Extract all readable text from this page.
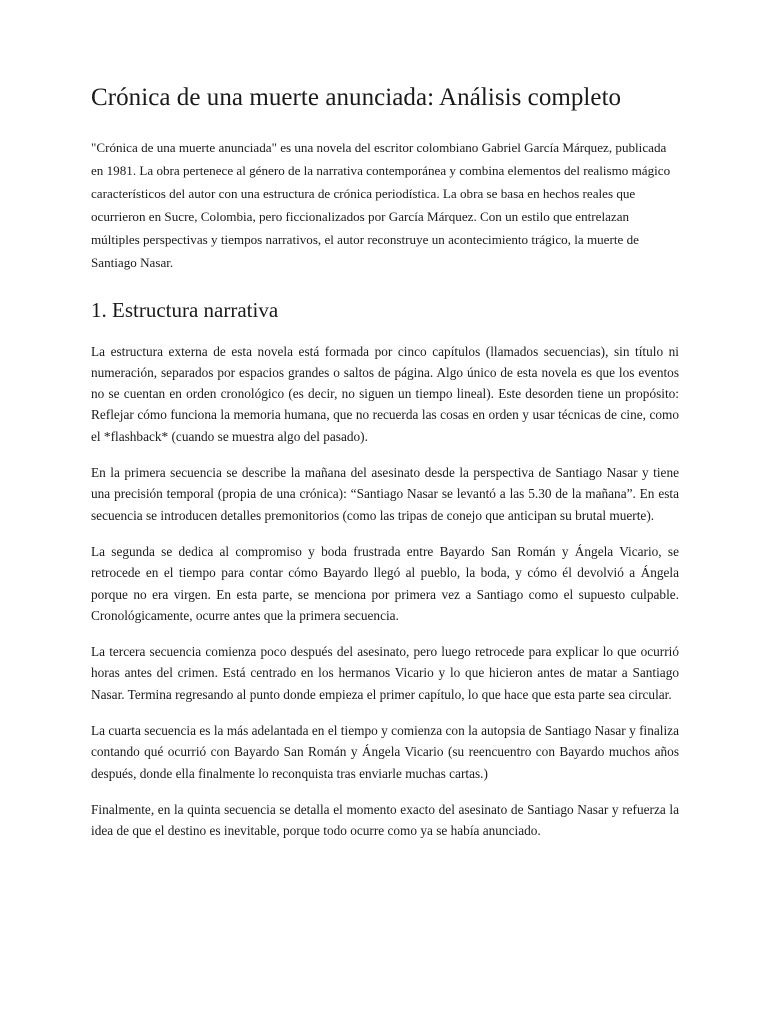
Crónica de una muerte anunciada: Análisis completo

"Crónica de una muerte anunciada" es una novela del escritor colombiano Gabriel García Márquez, publicada en 1981. La obra pertenece al género de la narrativa contemporánea y combina elementos del realismo mágico característicos del autor con una estructura de crónica periodística. La obra se basa en hechos reales que ocurrieron en Sucre, Colombia, pero ficcionalizados por García Márquez. Con un estilo que entrelazan múltiples perspectivas y tiempos narrativos, el autor reconstruye un acontecimiento trágico, la muerte de Santiago Nasar.

1. Estructura narrativa

La estructura externa de esta novela está formada por cinco capítulos (llamados secuencias), sin título ni numeración, separados por espacios grandes o saltos de página. Algo único de esta novela es que los eventos no se cuentan en orden cronológico (es decir, no siguen un tiempo lineal). Este desorden tiene un propósito: Reflejar cómo funciona la memoria humana, que no recuerda las cosas en orden y usar técnicas de cine, como el *flashback* (cuando se muestra algo del pasado).

En la primera secuencia se describe la mañana del asesinato desde la perspectiva de Santiago Nasar y tiene una precisión temporal (propia de una crónica): “Santiago Nasar se levantó a las 5.30 de la mañana”. En esta secuencia se introducen detalles premonitorios (como las tripas de conejo que anticipan su brutal muerte).

La segunda se dedica al compromiso y boda frustrada entre Bayardo San Román y Ángela Vicario, se retrocede en el tiempo para contar cómo Bayardo llegó al pueblo, la boda, y cómo él devolvió a Ángela porque no era virgen. En esta parte, se menciona por primera vez a Santiago como el supuesto culpable. Cronológicamente, ocurre antes que la primera secuencia.

La tercera secuencia comienza poco después del asesinato, pero luego retrocede para explicar lo que ocurrió horas antes del crimen. Está centrado en los hermanos Vicario y lo que hicieron antes de matar a Santiago Nasar. Termina regresando al punto donde empieza el primer capítulo, lo que hace que esta parte sea circular.

La cuarta secuencia es la más adelantada en el tiempo y comienza con la autopsia de Santiago Nasar y finaliza contando qué ocurrió con Bayardo San Román y Ángela Vicario (su reencuentro con Bayardo muchos años después, donde ella finalmente lo reconquista tras enviarle muchas cartas.)

Finalmente, en la quinta secuencia se detalla el momento exacto del asesinato de Santiago Nasar y refuerza la idea de que el destino es inevitable, porque todo ocurre como ya se había anunciado.
